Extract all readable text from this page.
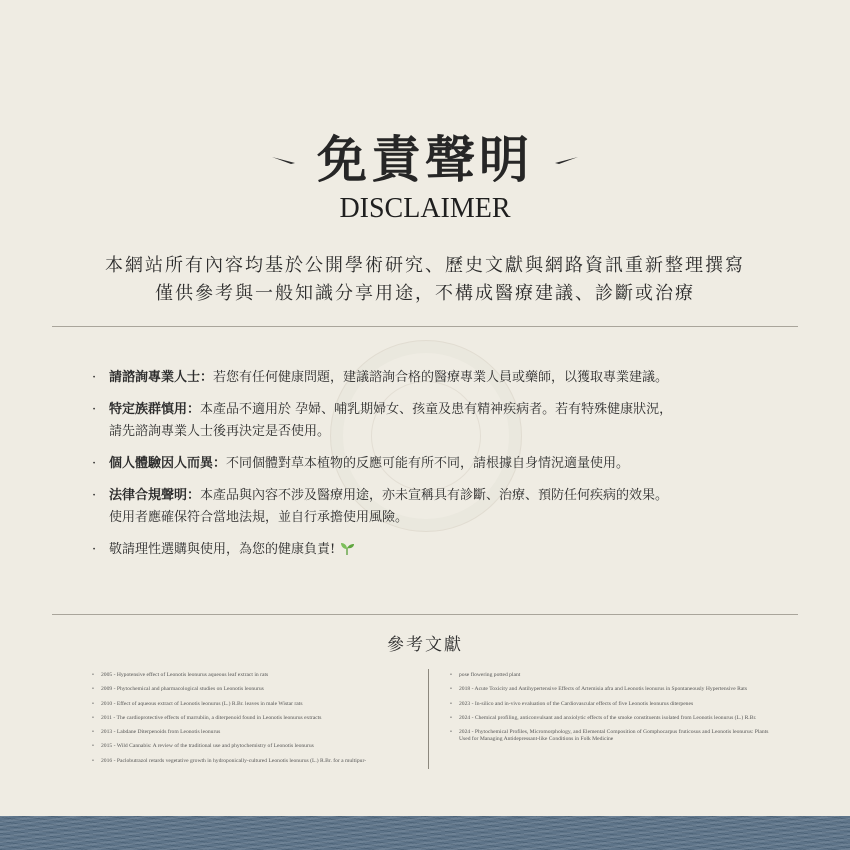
免責聲明
DISCLAIMER
本網站所有內容均基於公開學術研究、歷史文獻與網路資訊重新整理撰寫
僅供參考與一般知識分享用途，不構成醫療建議、診斷或治療
· 請諮詢專業人士：若您有任何健康問題，建議諮詢合格的醫療專業人員或藥師，以獲取專業建議。
· 特定族群慎用：本產品不適用於 孕婦、哺乳期婦女、孩童及患有精神疾病者。若有特殊健康狀況，
請先諮詢專業人士後再決定是否使用。
· 個人體驗因人而異：不同個體對草本植物的反應可能有所不同，請根據自身情況適量使用。
· 法律合規聲明：本產品與內容不涉及醫療用途，亦未宣稱具有診斷、治療、預防任何疾病的效果。
使用者應確保符合當地法規，並自行承擔使用風險。
· 敬請理性選購與使用，為您的健康負責!
參考文獻
•	2005 - Hypotensive effect of Leonotis leonurus aqueous leaf extract in rats
•	2009 - Phytochemical and pharmacological studies on Leonotis leonurus
•	2010 - Effect of aqueous extract of Leonotis leonurus (L.) R.Br. leaves in male Wistar rats
•	2011 - The cardioprotective effects of marrubiin, a diterpenoid found in Leonotis leonurus extracts
•	2013 - Labdane Diterpenoids from Leonotis leonurus
•	2015 - Wild Cannabis: A review of the traditional use and phytochemistry of Leonotis leonurus
•	2016 - Paclobutrazol retards vegetative growth in hydroponically-cultured Leonotis leonurus (L.) R.Br. for a multipur-
•	pose flowering potted plant
•	2018 - Acute Toxicity and Antihypertensive Effects of Artemisia afra and Leonotis leonurus in Spontaneously Hypertensive Rats
•	2023 - In-silico and in-vivo evaluation of the Cardiovascular effects of five Leonotis leonurus diterpenes
•	2024 - Chemical profiling, anticonvulsant and anxiolytic effects of the smoke constituents isolated from Leonotis leonurus (L.) R.Br.
•	2024 - Phytochemical Profiles, Micromorphology, and Elemental Composition of Gomphocarpus fruticosus and Leonotis leonurus: Plants Used for Managing Antidepressant-like Conditions in Folk Medicine
